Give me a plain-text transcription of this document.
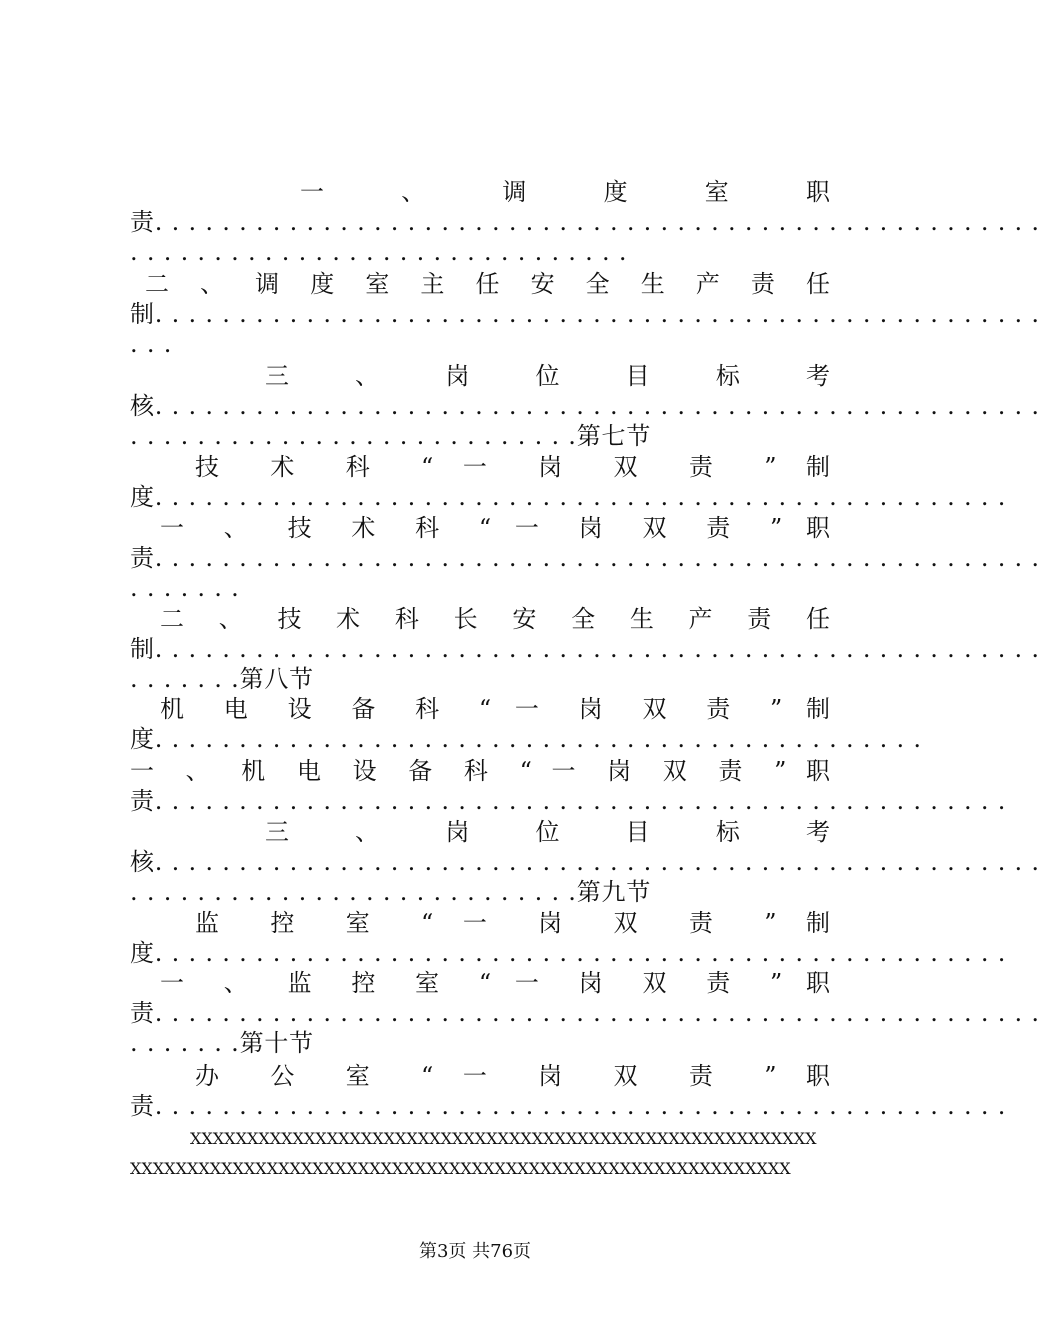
一 、 调 度 室 职
责. . . . . . . . . . . . . . . . . . . . . . . . . . . . . . . . . . . . . . . . . . . . . . . . . . . . .
. . . . . . . . . . . . . . . . . . . . . . . . . . . . . .
二 、 调 度 室 主 任 安 全 生 产 责 任
制. . . . . . . . . . . . . . . . . . . . . . . . . . . . . . . . . . . . . . . . . . . . . . . . . . . . .
. . .
三 、 岗 位 目 标 考
核. . . . . . . . . . . . . . . . . . . . . . . . . . . . . . . . . . . . . . . . . . . . . . . . . . . . .
. . . . . . . . . . . . . . . . . . . . . . . . . . .第七节
技 术 科 “ 一 岗 双 责 ” 制
度. . . . . . . . . . . . . . . . . . . . . . . . . . . . . . . . . . . . . . . . . . . . . . . . . . .
一 、 技 术 科 “ 一 岗 双 责 ” 职
责. . . . . . . . . . . . . . . . . . . . . . . . . . . . . . . . . . . . . . . . . . . . . . . . . . . . .
. . . . . . .
二 、 技 术 科 长 安 全 生 产 责 任
制. . . . . . . . . . . . . . . . . . . . . . . . . . . . . . . . . . . . . . . . . . . . . . . . . . . . .
. . . . . . .第八节
机 电 设 备 科 “ 一 岗 双 责 ” 制
度. . . . . . . . . . . . . . . . . . . . . . . . . . . . . . . . . . . . . . . . . . . . . .
一 、 机 电 设 备 科 “ 一 岗 双 责 ” 职
责. . . . . . . . . . . . . . . . . . . . . . . . . . . . . . . . . . . . . . . . . . . . . . . . . . .
三 、 岗 位 目 标 考
核. . . . . . . . . . . . . . . . . . . . . . . . . . . . . . . . . . . . . . . . . . . . . . . . . . . . .
. . . . . . . . . . . . . . . . . . . . . . . . . . .第九节
监 控 室 “ 一 岗 双 责 ” 制
度. . . . . . . . . . . . . . . . . . . . . . . . . . . . . . . . . . . . . . . . . . . . . . . . . . .
一 、 监 控 室 “ 一 岗 双 责 ” 职
责. . . . . . . . . . . . . . . . . . . . . . . . . . . . . . . . . . . . . . . . . . . . . . . . . . . . .
. . . . . . .第十节
办 公 室 “ 一 岗 双 责 ” 职
责. . . . . . . . . . . . . . . . . . . . . . . . . . . . . . . . . . . . . . . . . . . . . . . . . . .
XXXXXXXXXXXXXXXXXXXXXXXXXXXXXXXXXXXXXXXXXXXXXXXXXXXXXXX
XXXXXXXXXXXXXXXXXXXXXXXXXXXXXXXXXXXXXXXXXXXXXXXXXXXXXXXXXX
第3页 共76页
